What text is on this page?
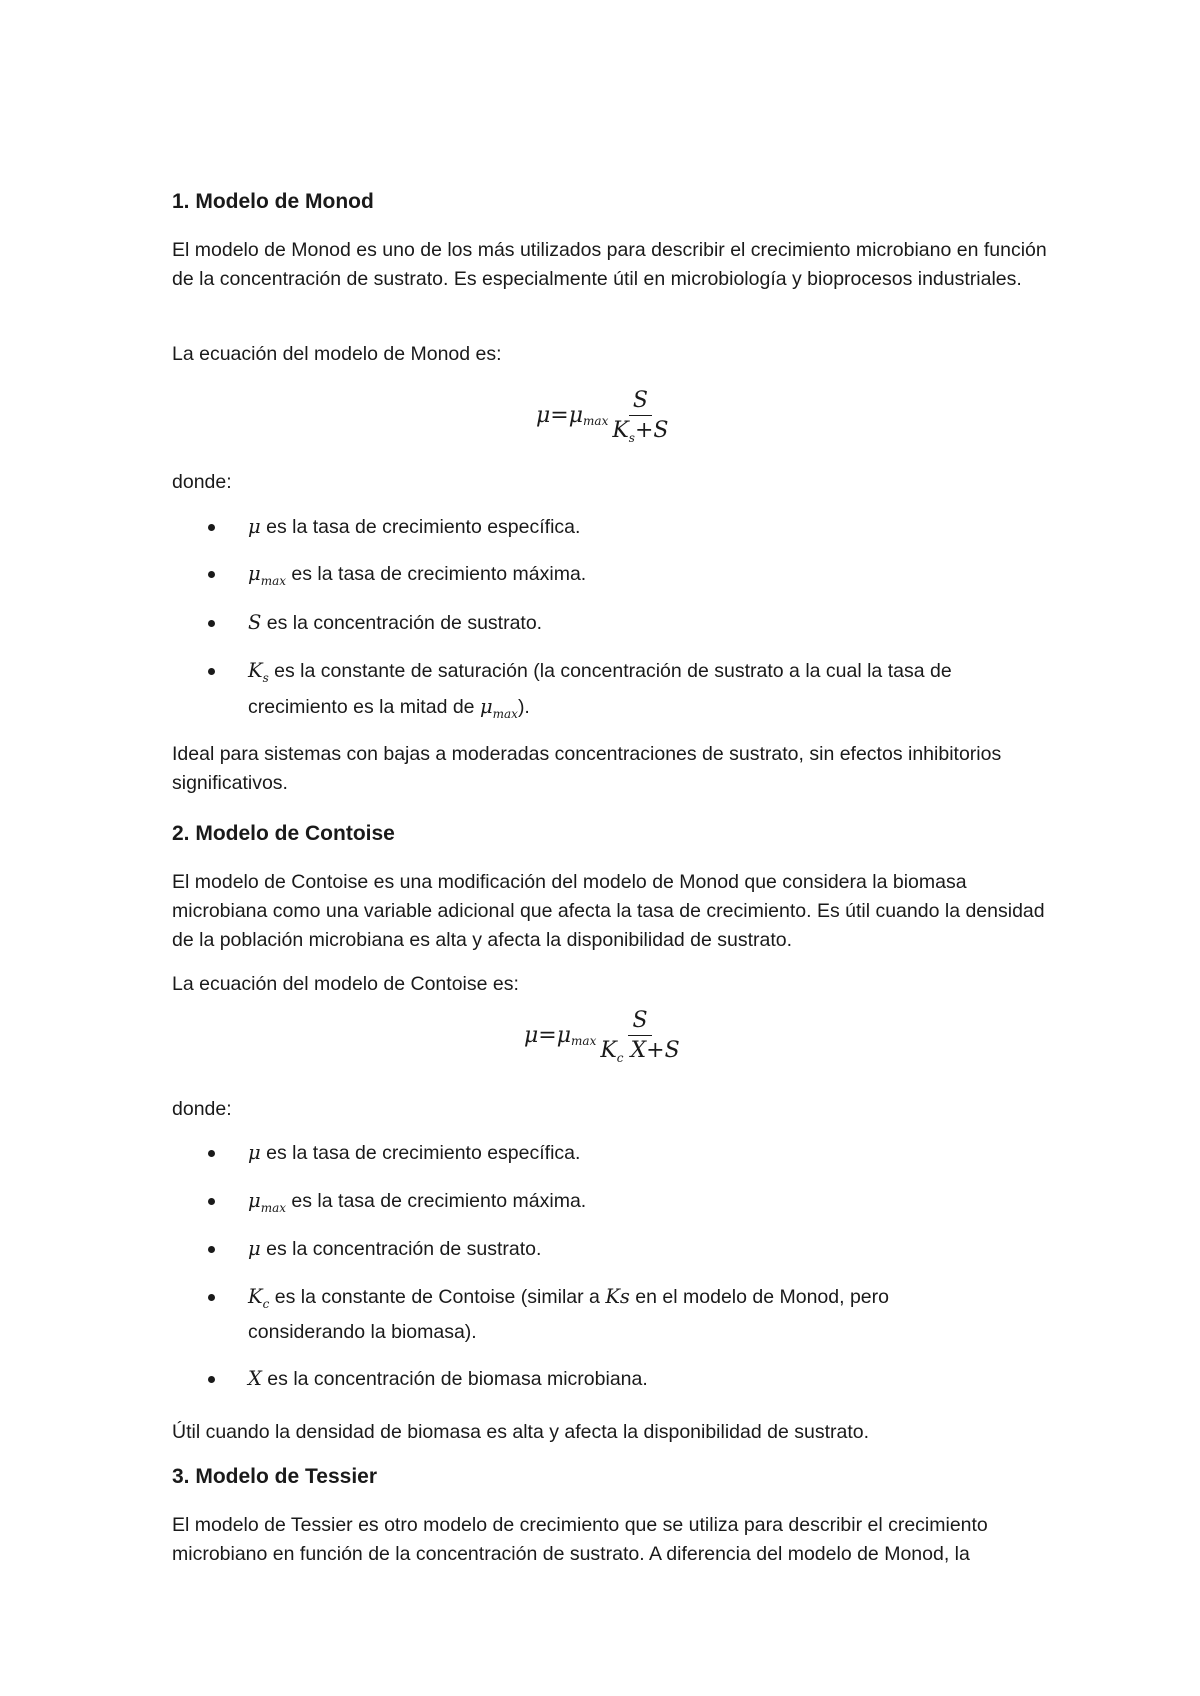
1. Modelo de Monod

El modelo de Monod es uno de los más utilizados para describir el crecimiento microbiano en función de la concentración de sustrato. Es especialmente útil en microbiología y bioprocesos industriales.

La ecuación del modelo de Monod es:

μ=μ $\max \frac{S}{K_s+S}$

donde:

μ es la tasa de crecimiento específica.
$\mu_{max}$ es la tasa de crecimiento máxima.
S es la concentración de sustrato.
$K_s$ es la constante de saturación (la concentración de sustrato a la cual la tasa de
crecimiento es la mitad de $\mu_{max}$).

Ideal para sistemas con bajas a moderadas concentraciones de sustrato, sin efectos inhibitorios significativos.

2. Modelo de Contoise

El modelo de Contoise es una modificación del modelo de Monod que considera la biomasa microbiana como una variable adicional que afecta la tasa de crecimiento. Es útil cuando la densidad de la población microbiana es alta y afecta la disponibilidad de sustrato.

La ecuación del modelo de Contoise es:

μ=μ $\max \frac{S}{K_c X+S}$

donde:

μ es la tasa de crecimiento específica.
$\mu_{max}$ es la tasa de crecimiento máxima.
μ es la concentración de sustrato.
$K_c$ es la constante de Contoise (similar a Ks en el modelo de Monod, pero
considerando la biomasa).
X es la concentración de biomasa microbiana.

Útil cuando la densidad de biomasa es alta y afecta la disponibilidad de sustrato.

3. Modelo de Tessier

El modelo de Tessier es otro modelo de crecimiento que se utiliza para describir el crecimiento microbiano en función de la concentración de sustrato. A diferencia del modelo de Monod, la
